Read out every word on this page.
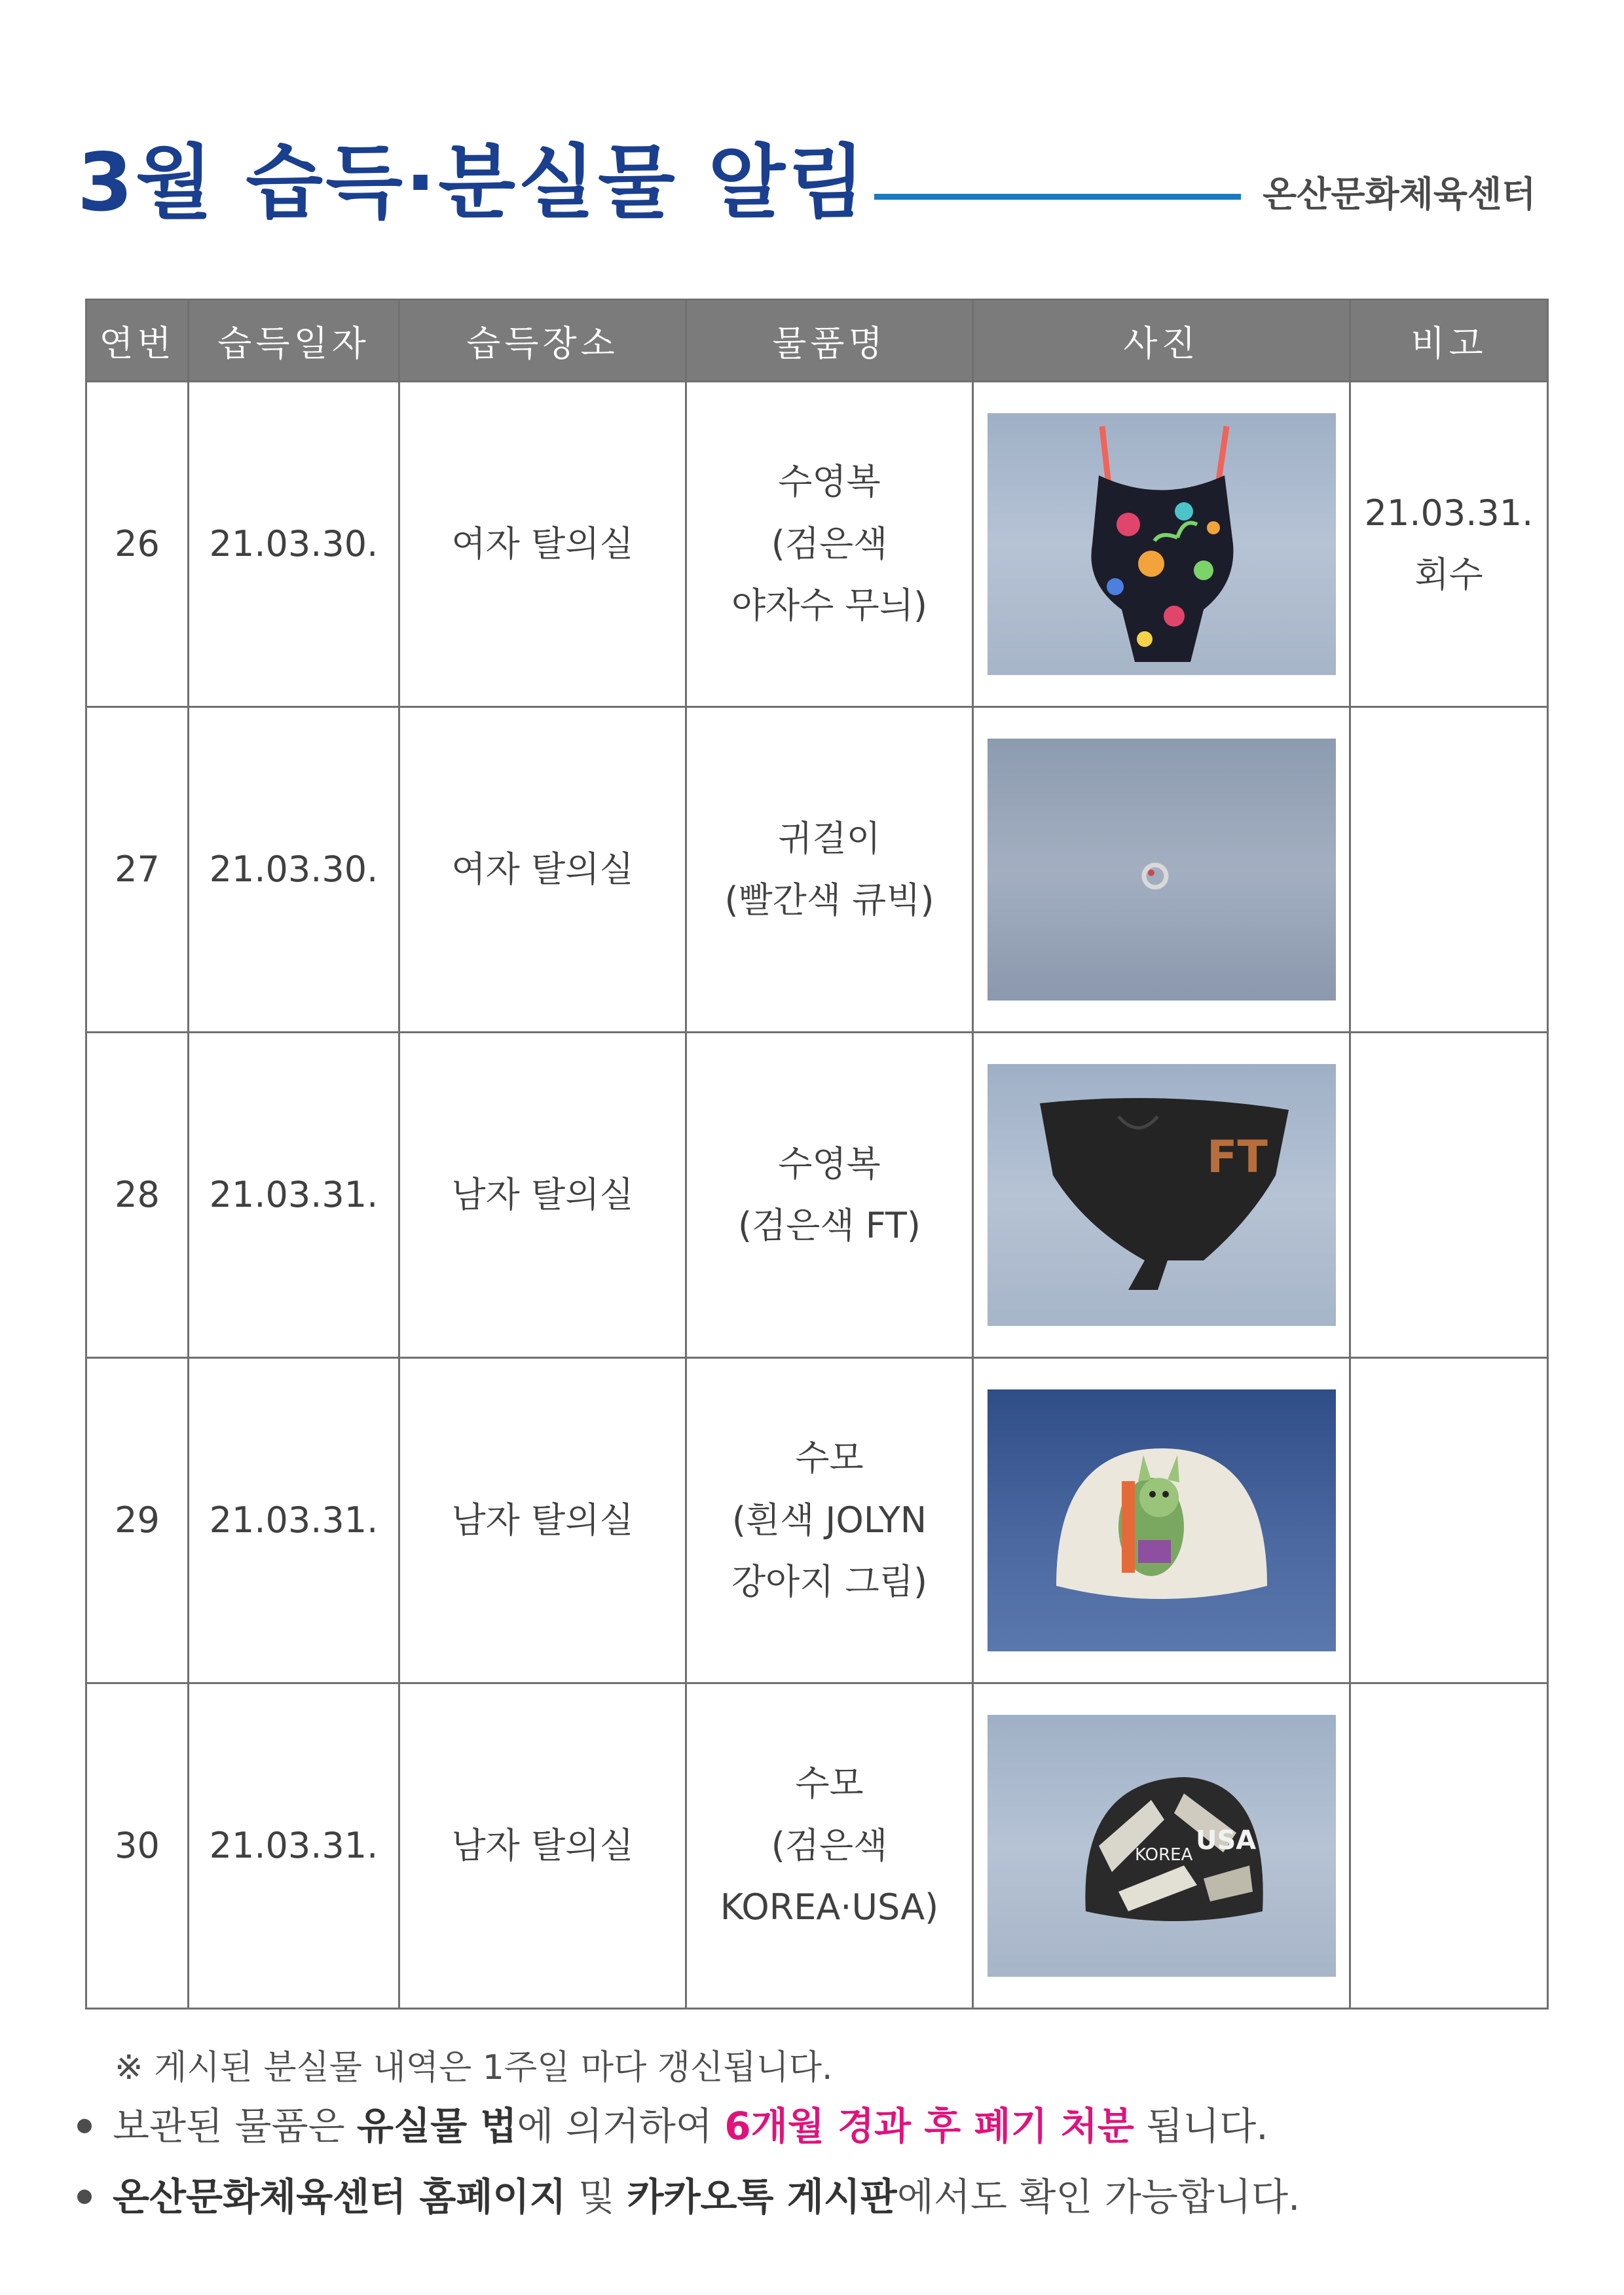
3월 습득·분실물 알림	온산문화체육센터
연번	습득일자	습득장소	물품명	사진	비고
26	21.03.30.	여자 탈의실	수영복
(검은색
야자수 무늬)		21.03.31.
회수

27	21.03.30.	여자 탈의실	귀걸이
(빨간색 큐빅)

28	21.03.31.	남자 탈의실	수영복
(검은색 FT)	FT	

29	21.03.31.	남자 탈의실	수모
(흰색 JOLYN
강아지 그림)

30	21.03.31.	남자 탈의실	수모
(검은색
KOREA·USA)	USA
KOREA	

※ 게시된 분실물 내역은 1주일 마다 갱신됩니다.
보관된 물품은 유실물 법에 의거하여 6개월 경과 후 폐기 처분 됩니다.
온산문화체육센터 홈페이지 및 카카오톡 게시판에서도 확인 가능합니다.
